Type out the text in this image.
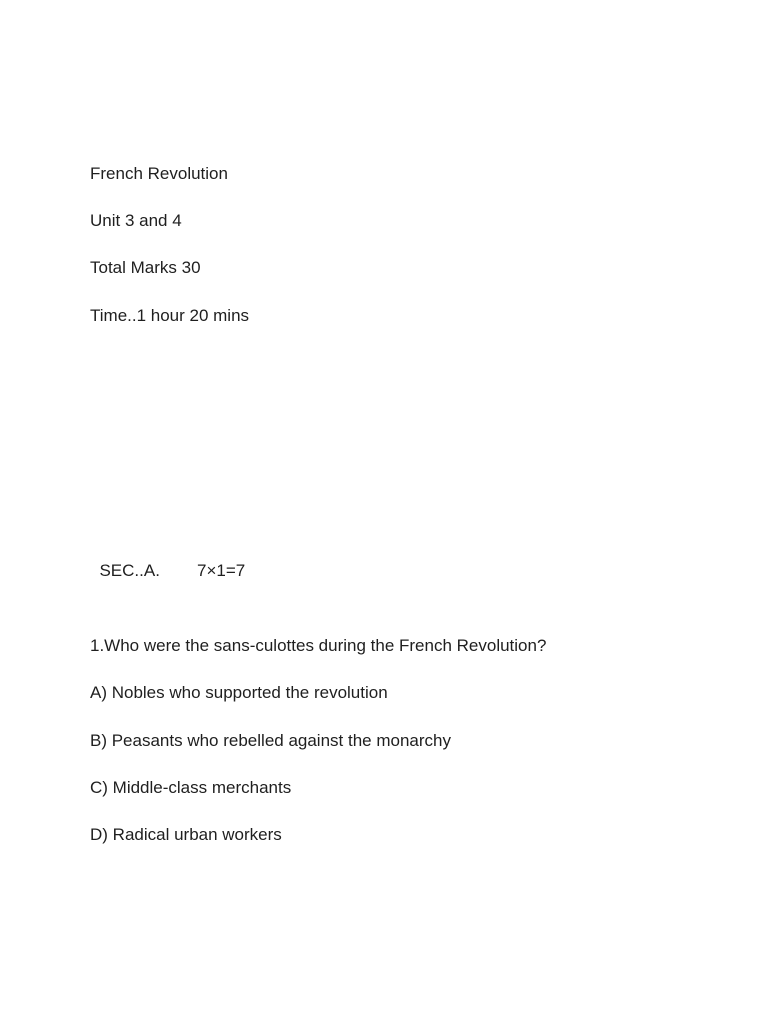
French Revolution
Unit 3 and 4
Total Marks 30
Time..1 hour 20 mins

SEC..A. 7×1=7

1.Who were the sans-culottes during the French Revolution?
A) Nobles who supported the revolution
B) Peasants who rebelled against the monarchy
C) Middle-class merchants
D) Radical urban workers
